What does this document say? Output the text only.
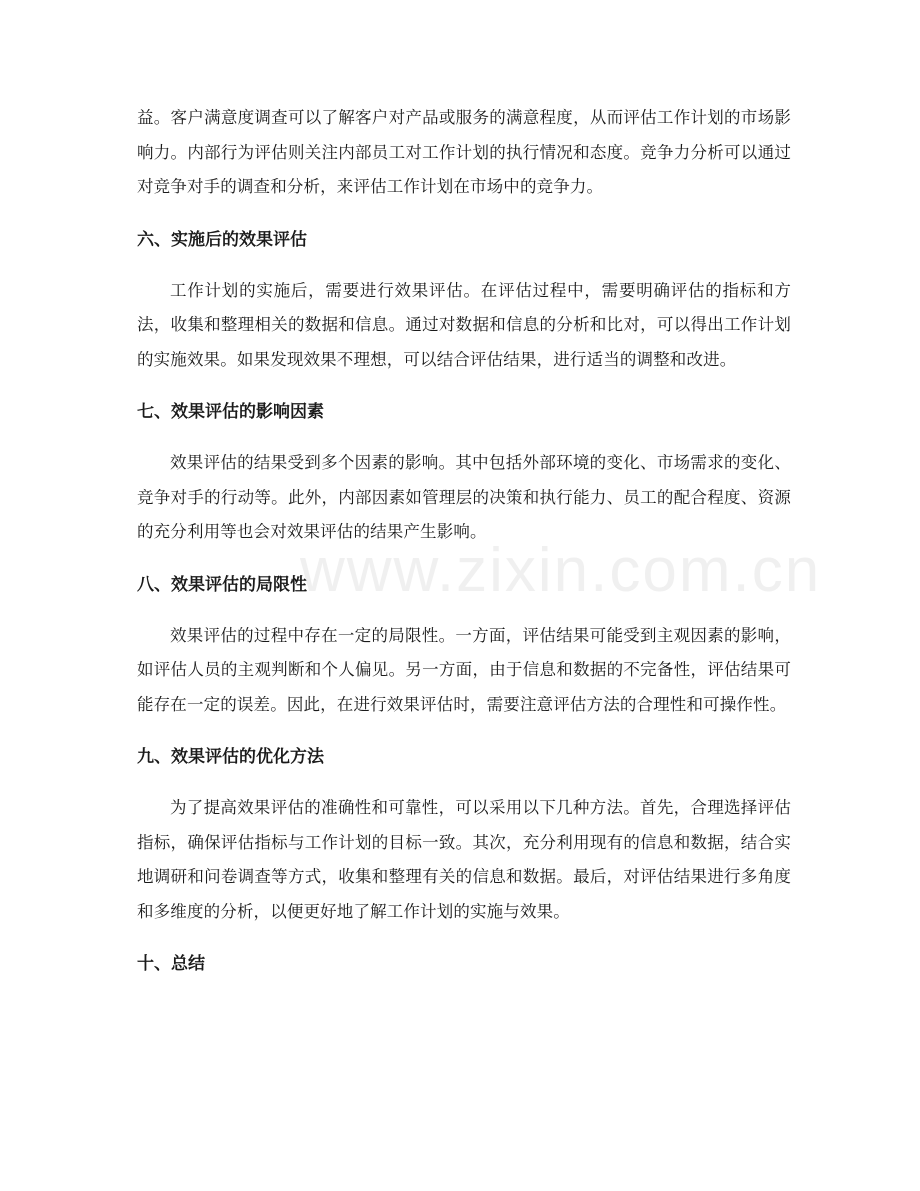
www.zixin.com.cn

益。客户满意度调查可以了解客户对产品或服务的满意程度，从而评估工作计划的市场影响力。内部行为评估则关注内部员工对工作计划的执行情况和态度。竞争力分析可以通过对竞争对手的调查和分析，来评估工作计划在市场中的竞争力。

六、实施后的效果评估

工作计划的实施后，需要进行效果评估。在评估过程中，需要明确评估的指标和方法，收集和整理相关的数据和信息。通过对数据和信息的分析和比对，可以得出工作计划的实施效果。如果发现效果不理想，可以结合评估结果，进行适当的调整和改进。

七、效果评估的影响因素

效果评估的结果受到多个因素的影响。其中包括外部环境的变化、市场需求的变化、竞争对手的行动等。此外，内部因素如管理层的决策和执行能力、员工的配合程度、资源的充分利用等也会对效果评估的结果产生影响。

八、效果评估的局限性

效果评估的过程中存在一定的局限性。一方面，评估结果可能受到主观因素的影响，如评估人员的主观判断和个人偏见。另一方面，由于信息和数据的不完备性，评估结果可能存在一定的误差。因此，在进行效果评估时，需要注意评估方法的合理性和可操作性。

九、效果评估的优化方法

为了提高效果评估的准确性和可靠性，可以采用以下几种方法。首先，合理选择评估指标，确保评估指标与工作计划的目标一致。其次，充分利用现有的信息和数据，结合实地调研和问卷调查等方式，收集和整理有关的信息和数据。最后，对评估结果进行多角度和多维度的分析，以便更好地了解工作计划的实施与效果。

十、总结
